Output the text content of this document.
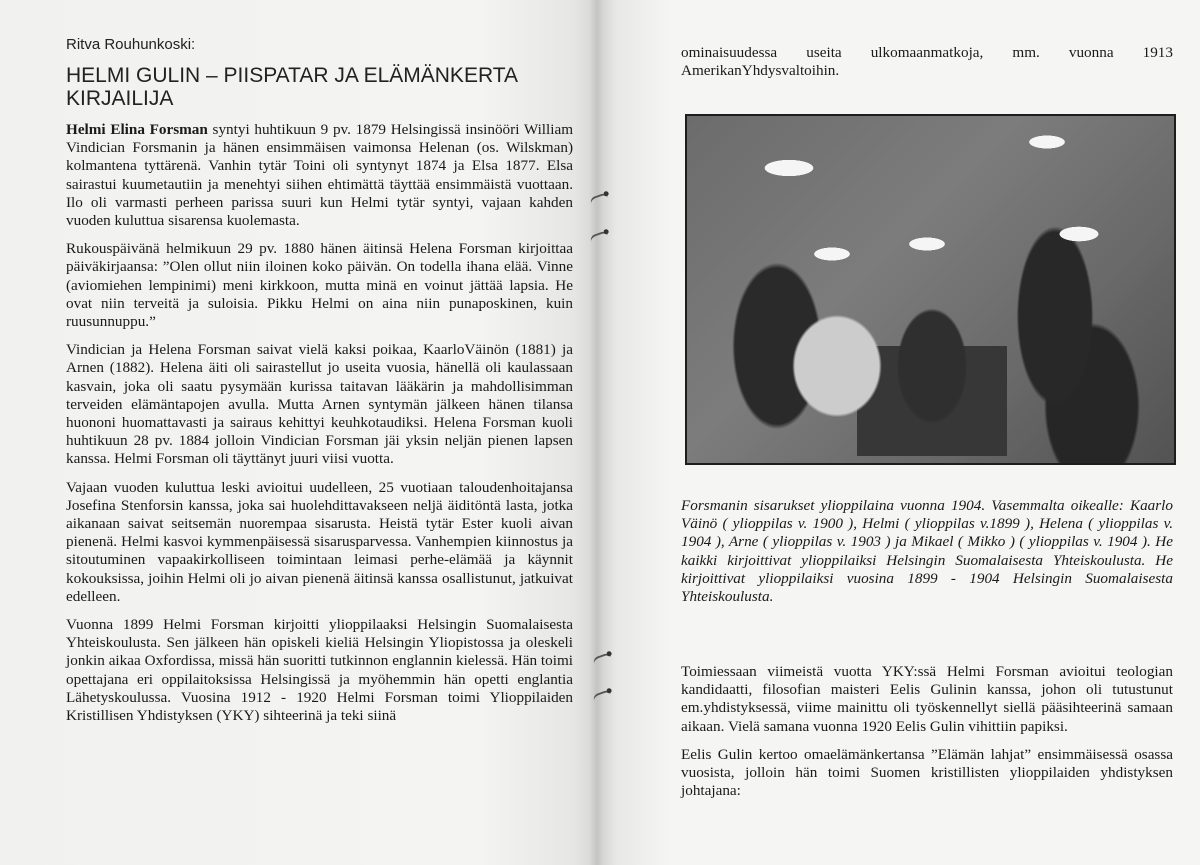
Ritva Rouhunkoski:
HELMI GULIN – PIISPATAR JA ELÄMÄNKERTA KIRJAILIJA

Helmi Elina Forsman syntyi huhtikuun 9 pv. 1879 Helsingissä insinööri William Vindician Forsmanin ja hänen ensimmäisen vaimonsa Helenan (os. Wilskman) kolmantena tyttärenä. Vanhin tytär Toini oli syntynyt 1874 ja Elsa 1877. Elsa sairastui kuumetautiin ja menehtyi siihen ehtimättä täyttää ensimmäistä vuottaan. Ilo oli varmasti perheen parissa suuri kun Helmi tytär syntyi, vajaan kahden vuoden kuluttua sisarensa kuolemasta.

Rukouspäivänä helmikuun 29 pv. 1880 hänen äitinsä Helena Forsman kirjoittaa päiväkirjaansa: ”Olen ollut niin iloinen koko päivän. On todella ihana elää. Vinne (aviomiehen lempinimi) meni kirkkoon, mutta minä en voinut jättää lapsia. He ovat niin terveitä ja suloisia. Pikku Helmi on aina niin punaposkinen, kuin ruusunnuppu.”

Vindician ja Helena Forsman saivat vielä kaksi poikaa, KaarloVäinön (1881) ja Arnen (1882). Helena äiti oli sairastellut jo useita vuosia, hänellä oli kaulassaan kasvain, joka oli saatu pysymään kurissa taitavan lääkärin ja mahdollisimman terveiden elämäntapojen avulla. Mutta Arnen syntymän jälkeen hänen tilansa huononi huomattavasti ja sairaus kehittyi keuhkotaudiksi. Helena Forsman kuoli huhtikuun 28 pv. 1884 jolloin Vindician Forsman jäi yksin neljän pienen lapsen kanssa. Helmi Forsman oli täyttänyt juuri viisi vuotta.

Vajaan vuoden kuluttua leski avioitui uudelleen, 25 vuotiaan taloudenhoitajansa Josefina Stenforsin kanssa, joka sai huolehdittavakseen neljä äiditöntä lasta, jotka aikanaan saivat seitsemän nuorempaa sisarusta. Heistä tytär Ester kuoli aivan pienenä. Helmi kasvoi kymmenpäisessä sisarusparvessa. Vanhempien kiinnostus ja sitoutuminen vapaakirkolliseen toimintaan leimasi perhe-elämää ja käynnit kokouksissa, joihin Helmi oli jo aivan pienenä äitinsä kanssa osallistunut, jatkuivat edelleen.

Vuonna 1899 Helmi Forsman kirjoitti ylioppilaaksi Helsingin Suomalaisesta Yhteiskoulusta. Sen jälkeen hän opiskeli kieliä Helsingin Yliopistossa ja oleskeli jonkin aikaa Oxfordissa, missä hän suoritti tutkinnon englannin kielessä. Hän toimi opettajana eri oppilaitoksissa Helsingissä ja myöhemmin hän opetti englantia Lähetyskoulussa. Vuosina 1912 - 1920 Helmi Forsman toimi Ylioppilaiden Kristillisen Yhdistyksen (YKY) sihteerinä ja teki siinä

ominaisuudessa useita ulkomaanmatkoja, mm. vuonna 1913 AmerikanYhdysvaltoihin.

Forsmanin sisarukset ylioppilaina vuonna 1904. Vasemmalta oikealle: Kaarlo Väinö ( ylioppilas v. 1900 ), Helmi ( ylioppilas v.1899 ), Helena ( ylioppilas v. 1904 ), Arne ( ylioppilas v. 1903 ) ja Mikael ( Mikko ) ( ylioppilas v. 1904 ). He kaikki kirjoittivat ylioppilaiksi Helsingin Suomalaisesta Yhteiskoulusta. He kirjoittivat ylioppilaiksi vuosina 1899 - 1904 Helsingin Suomalaisesta Yhteiskoulusta.

Toimiessaan viimeistä vuotta YKY:ssä Helmi Forsman avioitui teologian kandidaatti, filosofian maisteri Eelis Gulinin kanssa, johon oli tutustunut em.yhdistyksessä, viime mainittu oli työskennellyt siellä pääsihteerinä samaan aikaan. Vielä samana vuonna 1920 Eelis Gulin vihittiin papiksi.

Eelis Gulin kertoo omaelämänkertansa ”Elämän lahjat” ensimmäisessä osassa vuosista, jolloin hän toimi Suomen kristillisten ylioppilaiden yhdistyksen johtajana:
